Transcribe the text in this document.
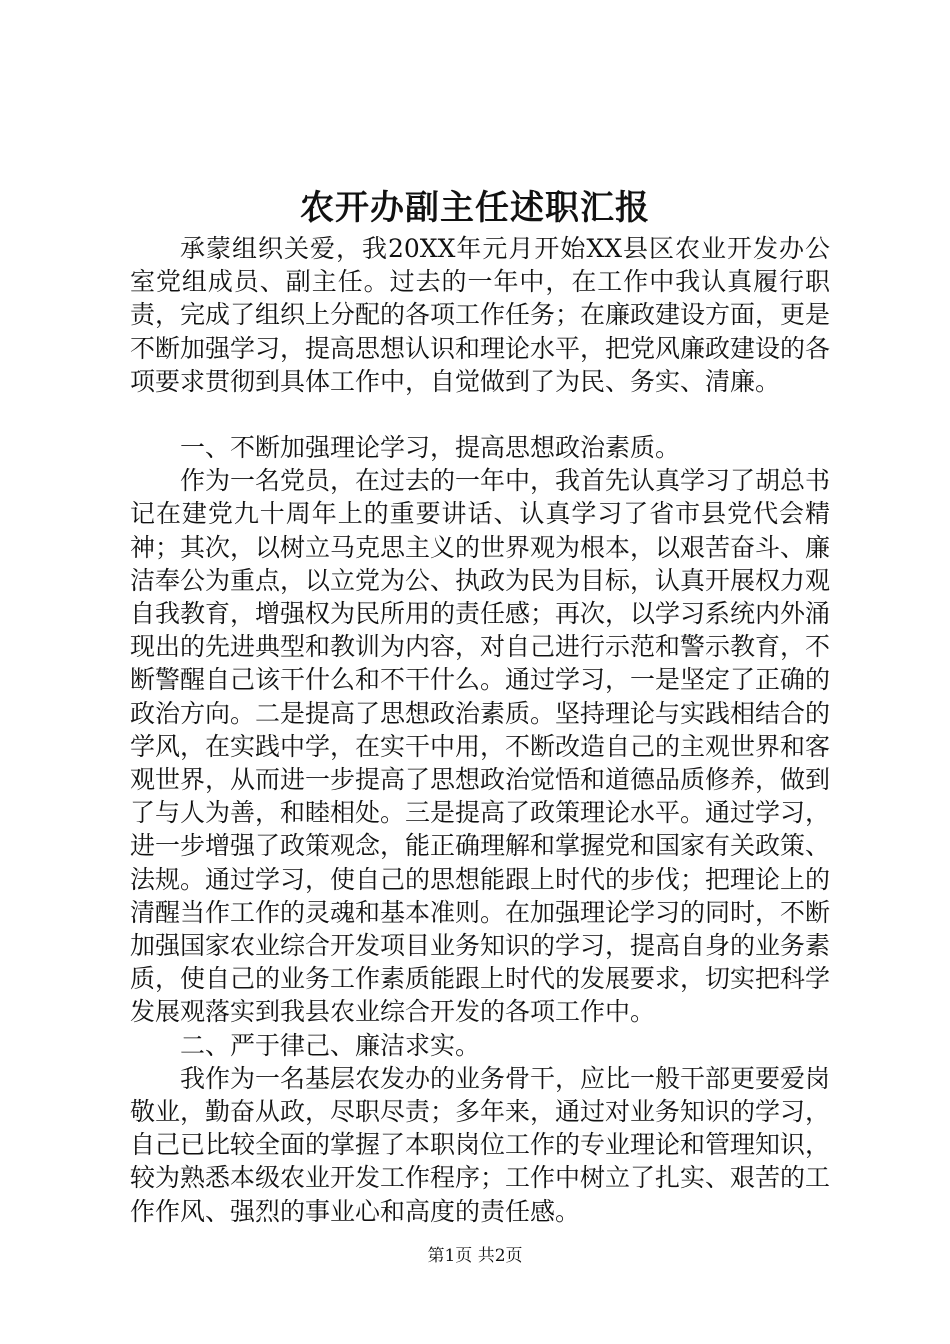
农开办副主任述职汇报

承蒙组织关爱，我20XX年元月开始XX县区农业开发办公室党组成员、副主任。过去的一年中，在工作中我认真履行职责，完成了组织上分配的各项工作任务；在廉政建设方面，更是不断加强学习，提高思想认识和理论水平，把党风廉政建设的各项要求贯彻到具体工作中，自觉做到了为民、务实、清廉。

一、不断加强理论学习，提高思想政治素质。

作为一名党员，在过去的一年中，我首先认真学习了胡总书记在建党九十周年上的重要讲话、认真学习了省市县党代会精神；其次，以树立马克思主义的世界观为根本，以艰苦奋斗、廉洁奉公为重点，以立党为公、执政为民为目标，认真开展权力观自我教育，增强权为民所用的责任感；再次，以学习系统内外涌现出的先进典型和教训为内容，对自己进行示范和警示教育，不断警醒自己该干什么和不干什么。通过学习，一是坚定了正确的政治方向。二是提高了思想政治素质。坚持理论与实践相结合的学风，在实践中学，在实干中用，不断改造自己的主观世界和客观世界，从而进一步提高了思想政治觉悟和道德品质修养，做到了与人为善，和睦相处。三是提高了政策理论水平。通过学习，进一步增强了政策观念，能正确理解和掌握党和国家有关政策、法规。通过学习，使自己的思想能跟上时代的步伐；把理论上的清醒当作工作的灵魂和基本准则。在加强理论学习的同时，不断加强国家农业综合开发项目业务知识的学习，提高自身的业务素质，使自己的业务工作素质能跟上时代的发展要求，切实把科学发展观落实到我县农业综合开发的各项工作中。

二、严于律己、廉洁求实。

我作为一名基层农发办的业务骨干，应比一般干部更要爱岗敬业，勤奋从政，尽职尽责；多年来，通过对业务知识的学习，自己已比较全面的掌握了本职岗位工作的专业理论和管理知识，较为熟悉本级农业开发工作程序；工作中树立了扎实、艰苦的工作作风、强烈的事业心和高度的责任感。

第1页 共2页
